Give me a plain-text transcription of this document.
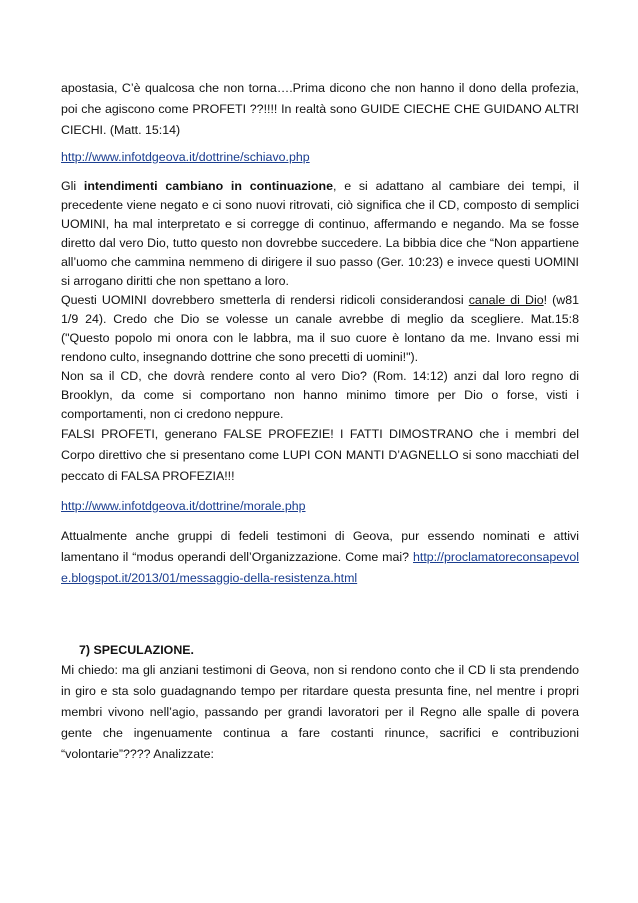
apostasia, C’è qualcosa che non torna….Prima dicono che non hanno il dono della profezia, poi che agiscono come PROFETI ??!!!! In realtà sono GUIDE CIECHE CHE GUIDANO ALTRI CIECHI. (Matt. 15:14)

http://www.infotdgeova.it/dottrine/schiavo.php

Gli intendimenti cambiano in continuazione, e si adattano al cambiare dei tempi, il precedente viene negato e ci sono nuovi ritrovati, ciò significa che il CD, composto di semplici UOMINI, ha mal interpretato e si corregge di continuo, affermando e negando. Ma se fosse diretto dal vero Dio, tutto questo non dovrebbe succedere. La bibbia dice che “Non appartiene all’uomo che cammina nemmeno di dirigere il suo passo (Ger. 10:23) e invece questi UOMINI si arrogano diritti che non spettano a loro.

Questi UOMINI dovrebbero smetterla di rendersi ridicoli considerandosi canale di Dio! (w81 1/9 24). Credo che Dio se volesse un canale avrebbe di meglio da scegliere. Mat.15:8 ("Questo popolo mi onora con le labbra, ma il suo cuore è lontano da me. Invano essi mi rendono culto, insegnando dottrine che sono precetti di uomini!").

Non sa il CD, che dovrà rendere conto al vero Dio? (Rom. 14:12) anzi dal loro regno di Brooklyn, da come si comportano non hanno minimo timore per Dio o forse, visti i comportamenti, non ci credono neppure.

FALSI PROFETI, generano FALSE PROFEZIE! I FATTI DIMOSTRANO che i membri del Corpo direttivo che si presentano come LUPI CON MANTI D’AGNELLO si sono macchiati del peccato di FALSA PROFEZIA!!!

http://www.infotdgeova.it/dottrine/morale.php

Attualmente anche gruppi di fedeli testimoni di Geova, pur essendo nominati e attivi lamentano il “modus operandi dell’Organizzazione. Come mai? http://proclamatoreconsapevole.blogspot.it/2013/01/messaggio-della-resistenza.html

7) SPECULAZIONE.

Mi chiedo: ma gli anziani testimoni di Geova, non si rendono conto che il CD li sta prendendo in giro e sta solo guadagnando tempo per ritardare questa presunta fine, nel mentre i propri membri vivono nell’agio, passando per grandi lavoratori per il Regno alle spalle di povera gente che ingenuamente continua a fare costanti rinunce, sacrifici e contribuzioni “volontarie”???? Analizzate:
